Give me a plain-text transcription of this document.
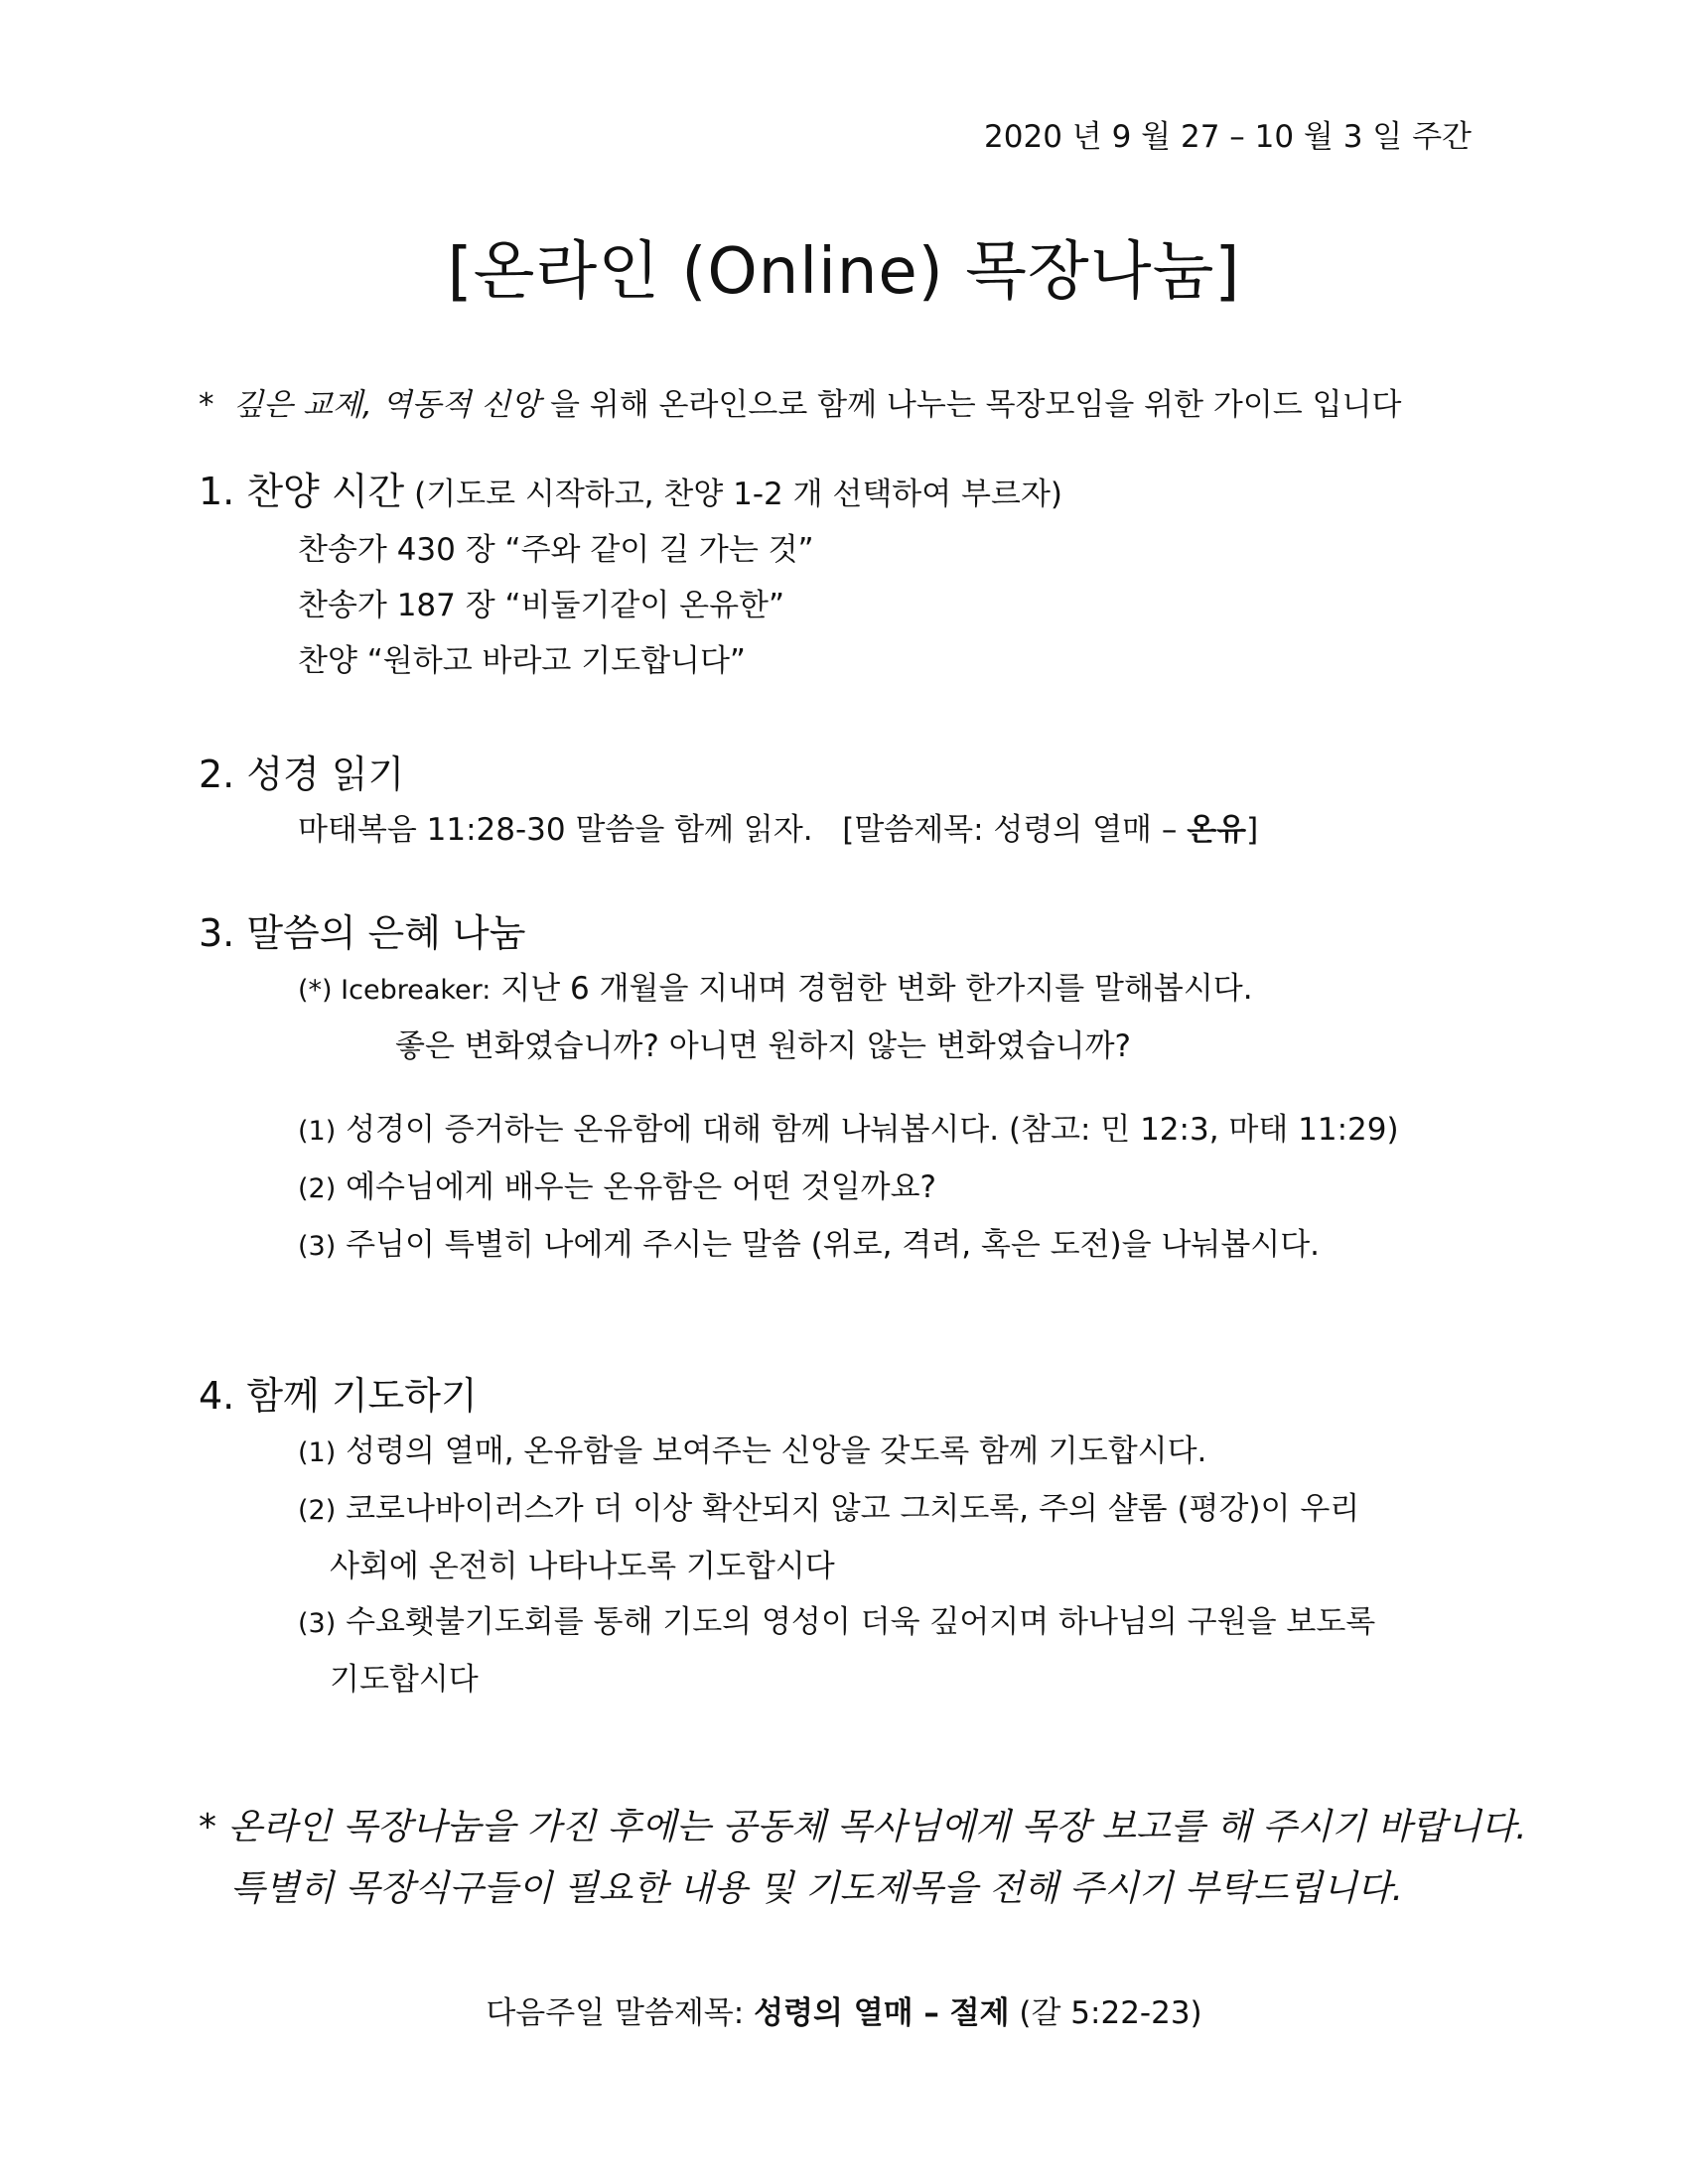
2020 년 9 월 27 – 10 월 3 일 주간
[온라인 (Online) 목장나눔]
* 깊은 교제, 역동적 신앙 을 위해 온라인으로 함께 나누는 목장모임을 위한 가이드 입니다
1. 찬양 시간 (기도로 시작하고, 찬양 1-2 개 선택하여 부르자)
찬송가 430 장 “주와 같이 길 가는 것”
찬송가 187 장 “비둘기같이 온유한”
찬양 “원하고 바라고 기도합니다”
2. 성경 읽기
마태복음 11:28-30 말씀을 함께 읽자. [말씀제목: 성령의 열매 – 온유]
3. 말씀의 은혜 나눔
(*) Icebreaker: 지난 6 개월을 지내며 경험한 변화 한가지를 말해봅시다.
좋은 변화였습니까? 아니면 원하지 않는 변화였습니까?
(1) 성경이 증거하는 온유함에 대해 함께 나눠봅시다. (참고: 민 12:3, 마태 11:29)
(2) 예수님에게 배우는 온유함은 어떤 것일까요?
(3) 주님이 특별히 나에게 주시는 말씀 (위로, 격려, 혹은 도전)을 나눠봅시다.
4. 함께 기도하기
(1) 성령의 열매, 온유함을 보여주는 신앙을 갖도록 함께 기도합시다.
(2) 코로나바이러스가 더 이상 확산되지 않고 그치도록, 주의 샬롬 (평강)이 우리
사회에 온전히 나타나도록 기도합시다
(3) 수요횃불기도회를 통해 기도의 영성이 더욱 깊어지며 하나님의 구원을 보도록
기도합시다
* 온라인 목장나눔을 가진 후에는 공동체 목사님에게 목장 보고를 해 주시기 바랍니다.
특별히 목장식구들이 필요한 내용 및 기도제목을 전해 주시기 부탁드립니다.
다음주일 말씀제목: 성령의 열매 – 절제 (갈 5:22-23)
